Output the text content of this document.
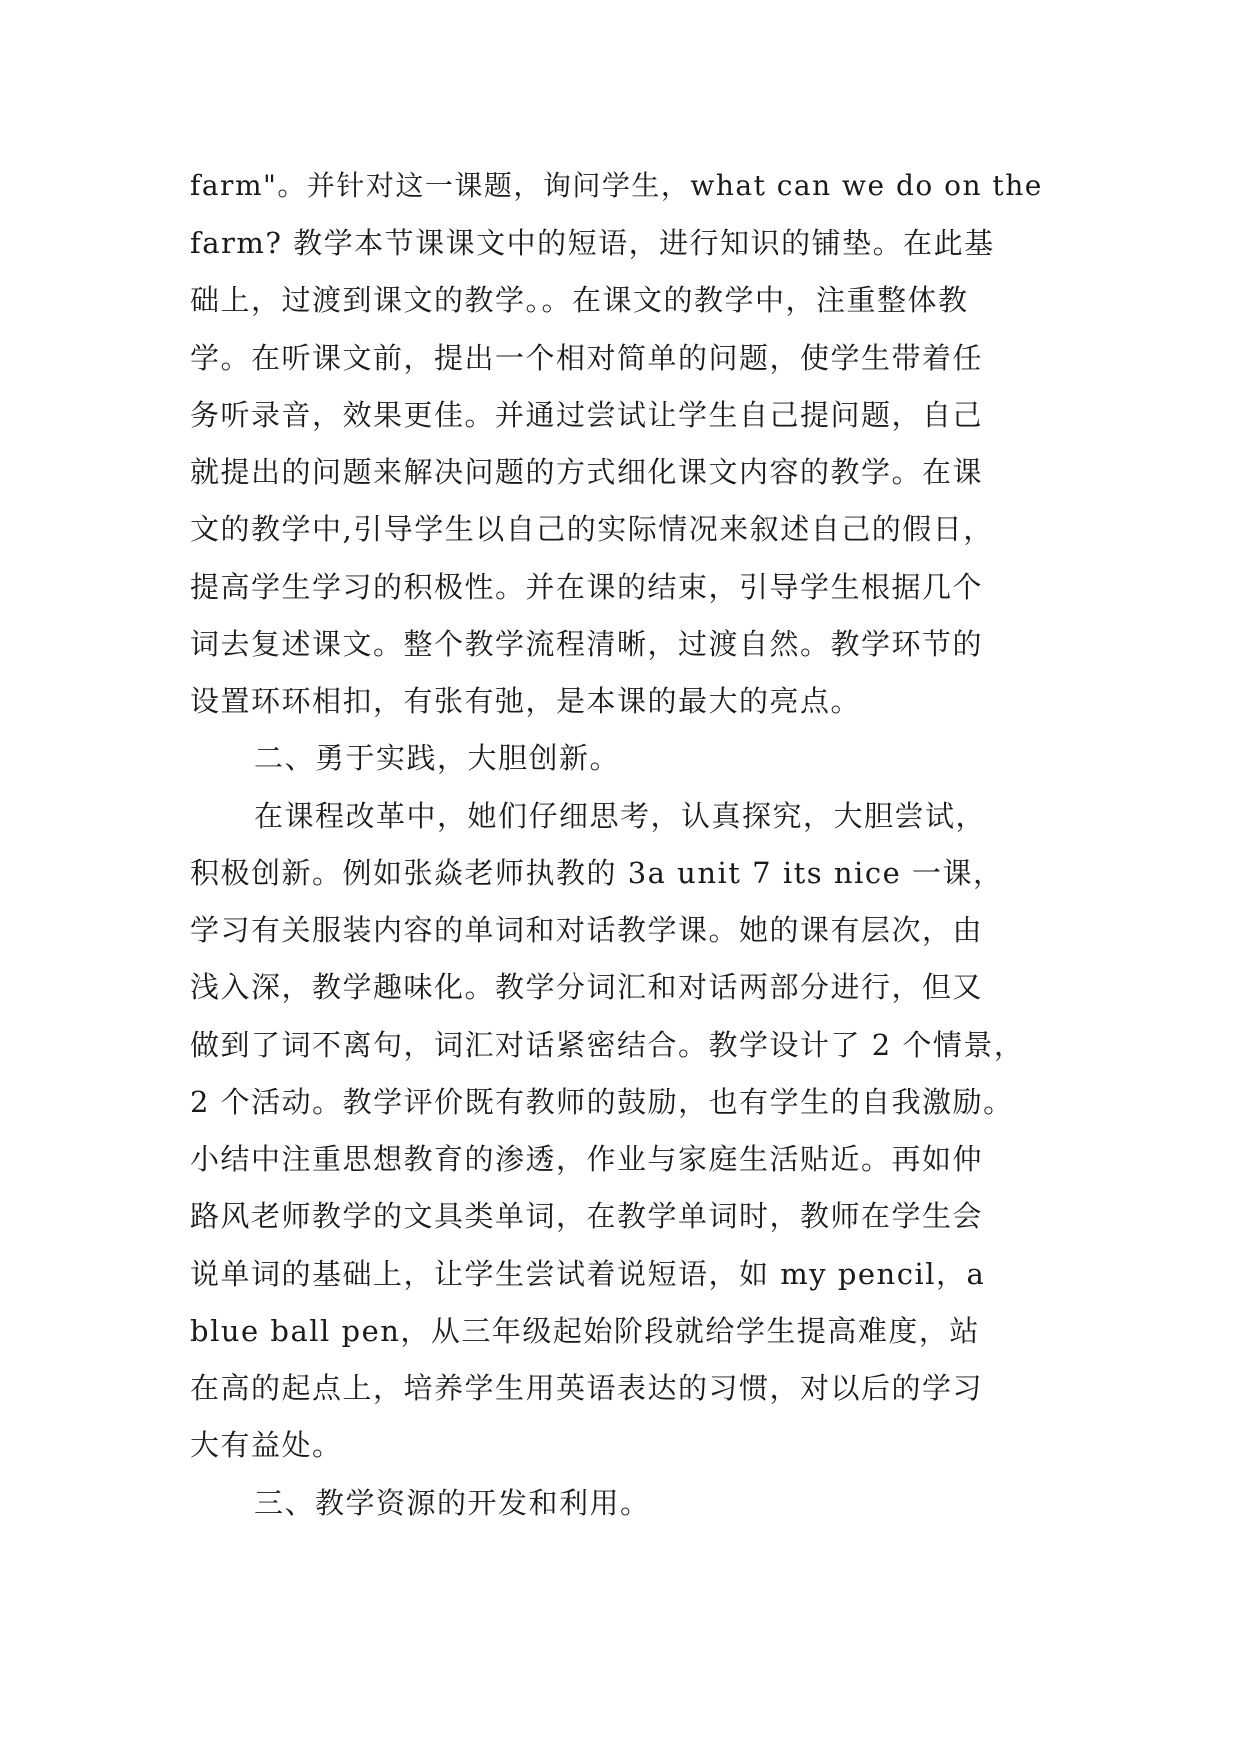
farm"。并针对这一课题，询问学生，what can we do on the
farm? 教学本节课课文中的短语，进行知识的铺垫。在此基
础上，过渡到课文的教学。。在课文的教学中，注重整体教
学。在听课文前，提出一个相对简单的问题，使学生带着任
务听录音，效果更佳。并通过尝试让学生自己提问题，自己
就提出的问题来解决问题的方式细化课文内容的教学。在课
文的教学中,引导学生以自己的实际情况来叙述自己的假日，
提高学生学习的积极性。并在课的结束，引导学生根据几个
词去复述课文。整个教学流程清晰，过渡自然。教学环节的
设置环环相扣，有张有弛，是本课的最大的亮点。
二、勇于实践，大胆创新。
在课程改革中，她们仔细思考，认真探究，大胆尝试，
积极创新。例如张焱老师执教的 3a unit 7 its nice 一课，
学习有关服装内容的单词和对话教学课。她的课有层次，由
浅入深，教学趣味化。教学分词汇和对话两部分进行，但又
做到了词不离句，词汇对话紧密结合。教学设计了 2 个情景，
2 个活动。教学评价既有教师的鼓励，也有学生的自我激励。
小结中注重思想教育的渗透，作业与家庭生活贴近。再如仲
路风老师教学的文具类单词，在教学单词时，教师在学生会
说单词的基础上，让学生尝试着说短语，如 my pencil，a
blue ball pen，从三年级起始阶段就给学生提高难度，站
在高的起点上，培养学生用英语表达的习惯，对以后的学习
大有益处。
三、教学资源的开发和利用。
